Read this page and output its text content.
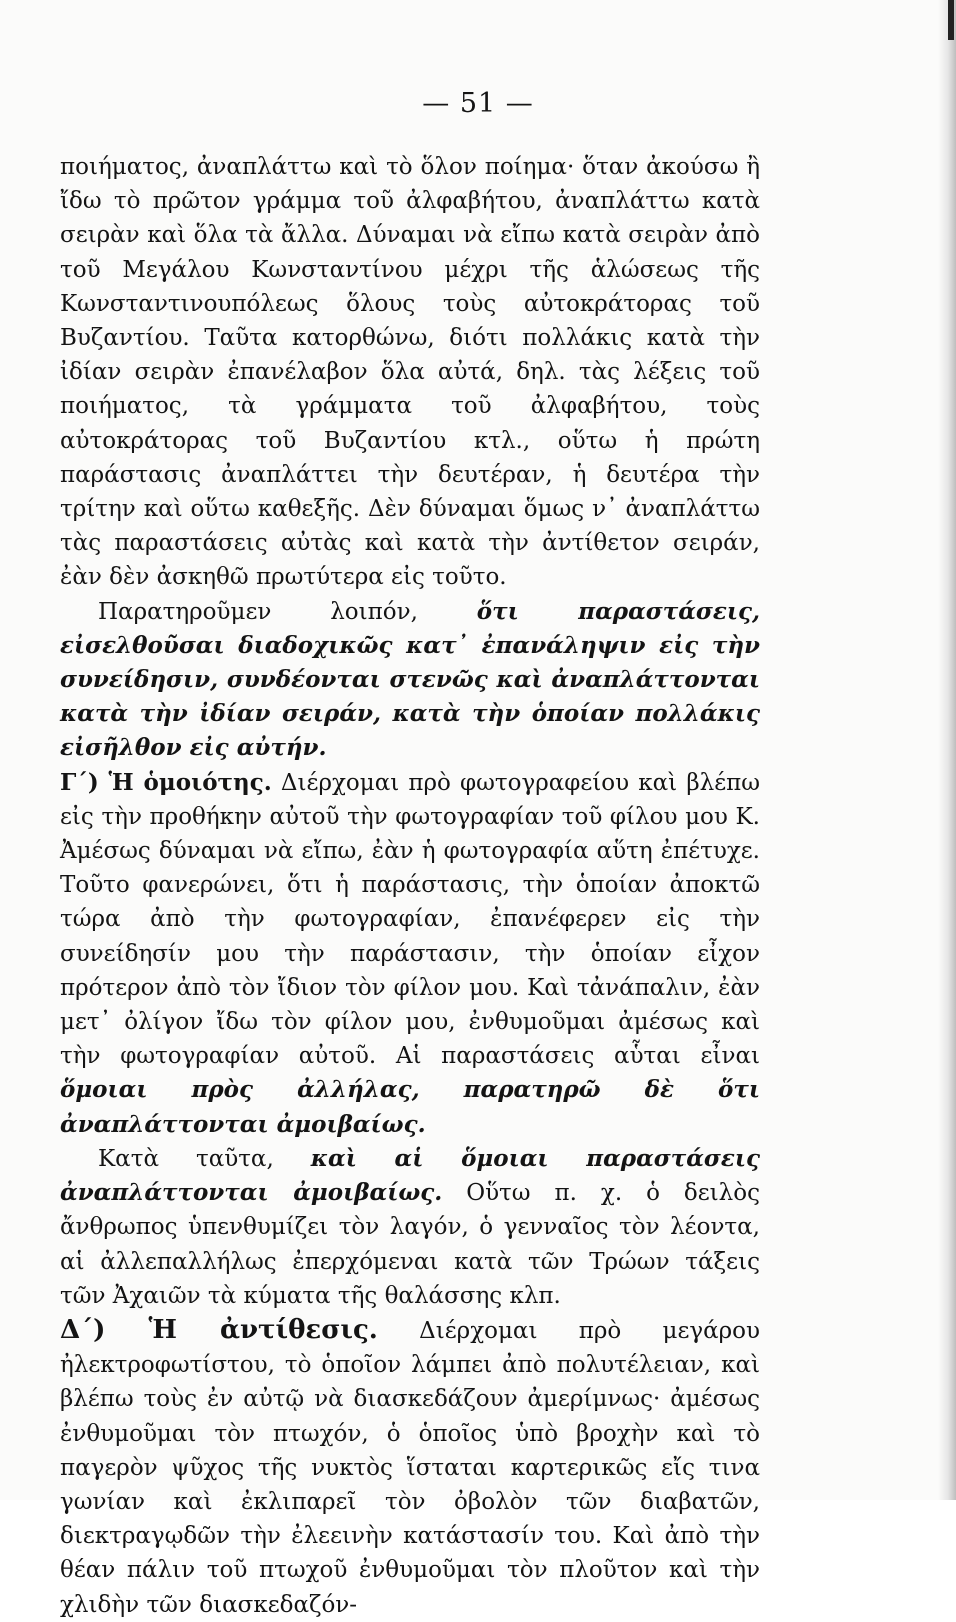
— 51 —

ποιήματος, ἀναπλάττω καὶ τὸ ὅλον ποίημα· ὅταν ἀκούσω ἢ ἴδω τὸ πρῶτον γράμμα τοῦ ἀλφαβήτου, ἀναπλάττω κατὰ σειρὰν καὶ ὅλα τὰ ἄλλα. Δύναμαι νὰ εἴπω κατὰ σειρὰν ἀπὸ τοῦ Μεγάλου Κωνσταντίνου μέχρι τῆς ἁλώσεως τῆς Κωνσταντινουπόλεως ὅλους τοὺς αὐτοκράτορας τοῦ Βυζαντίου. Ταῦτα κατορθώνω, διότι πολλάκις κατὰ τὴν ἰδίαν σειρὰν ἐπανέλαβον ὅλα αὐτά, δηλ. τὰς λέξεις τοῦ ποιήματος, τὰ γράμματα τοῦ ἀλφαβήτου, τοὺς αὐτοκράτορας τοῦ Βυζαντίου κτλ., οὕτω ἡ πρώτη παράστασις ἀναπλάττει τὴν δευτέραν, ἡ δευτέρα τὴν τρίτην καὶ οὕτω καθεξῆς. Δὲν δύναμαι ὅμως ν᾿ ἀναπλάττω τὰς παραστάσεις αὐτὰς καὶ κατὰ τὴν ἀντίθετον σειράν, ἐὰν δὲν ἀσκηθῶ πρωτύτερα εἰς τοῦτο.

Παρατηροῦμεν λοιπόν, ὅτι παραστάσεις, εἰσελθοῦσαι διαδοχικῶς κατ᾿ ἐπανάληψιν εἰς τὴν συνείδησιν, συνδέονται στενῶς καὶ ἀναπλάττονται κατὰ τὴν ἰδίαν σειράν, κατὰ τὴν ὁποίαν πολλάκις εἰσῆλθον εἰς αὐτήν.

Γ΄) Ἡ ὁμοιότης. Διέρχομαι πρὸ φωτογραφείου καὶ βλέπω εἰς τὴν προθήκην αὐτοῦ τὴν φωτογραφίαν τοῦ φίλου μου Κ. Ἀμέσως δύναμαι νὰ εἴπω, ἐὰν ἡ φωτογραφία αὕτη ἐπέτυχε. Τοῦτο φανερώνει, ὅτι ἡ παράστασις, τὴν ὁποίαν ἀποκτῶ τώρα ἀπὸ τὴν φωτογραφίαν, ἐπανέφερεν εἰς τὴν συνείδησίν μου τὴν παράστασιν, τὴν ὁποίαν εἶχον πρότερον ἀπὸ τὸν ἴδιον τὸν φίλον μου. Καὶ τἀνάπαλιν, ἐὰν μετ᾿ ὀλίγον ἴδω τὸν φίλον μου, ἐνθυμοῦμαι ἀμέσως καὶ τὴν φωτογραφίαν αὐτοῦ. Αἱ παραστάσεις αὗται εἶναι ὅμοιαι πρὸς ἀλλήλας, παρατηρῶ δὲ ὅτι ἀναπλάττονται ἀμοιβαίως.

Κατὰ ταῦτα, καὶ αἱ ὅμοιαι παραστάσεις ἀναπλάττονται ἀμοιβαίως. Οὕτω π. χ. ὁ δειλὸς ἄνθρωπος ὑπενθυμίζει τὸν λαγόν, ὁ γενναῖος τὸν λέοντα, αἱ ἀλλεπαλλήλως ἐπερχόμεναι κατὰ τῶν Τρώων τάξεις τῶν Ἀχαιῶν τὰ κύματα τῆς θαλάσσης κλπ.

Δ΄) Ἡ ἀντίθεσις. Διέρχομαι πρὸ μεγάρου ἠλεκτροφωτίστου, τὸ ὁποῖον λάμπει ἀπὸ πολυτέλειαν, καὶ βλέπω τοὺς ἐν αὐτῷ νὰ διασκεδάζουν ἀμερίμνως· ἀμέσως ἐνθυμοῦμαι τὸν πτωχόν, ὁ ὁποῖος ὑπὸ βροχὴν καὶ τὸ παγερὸν ψῦχος τῆς νυκτὸς ἵσταται καρτερικῶς εἴς τινα γωνίαν καὶ ἐκλιπαρεῖ τὸν ὀβολὸν τῶν διαβατῶν, διεκτραγῳδῶν τὴν ἐλεεινὴν κατάστασίν του. Καὶ ἀπὸ τὴν θέαν πάλιν τοῦ πτωχοῦ ἐνθυμοῦμαι τὸν πλοῦτον καὶ τὴν χλιδὴν τῶν διασκεδαζόν-
